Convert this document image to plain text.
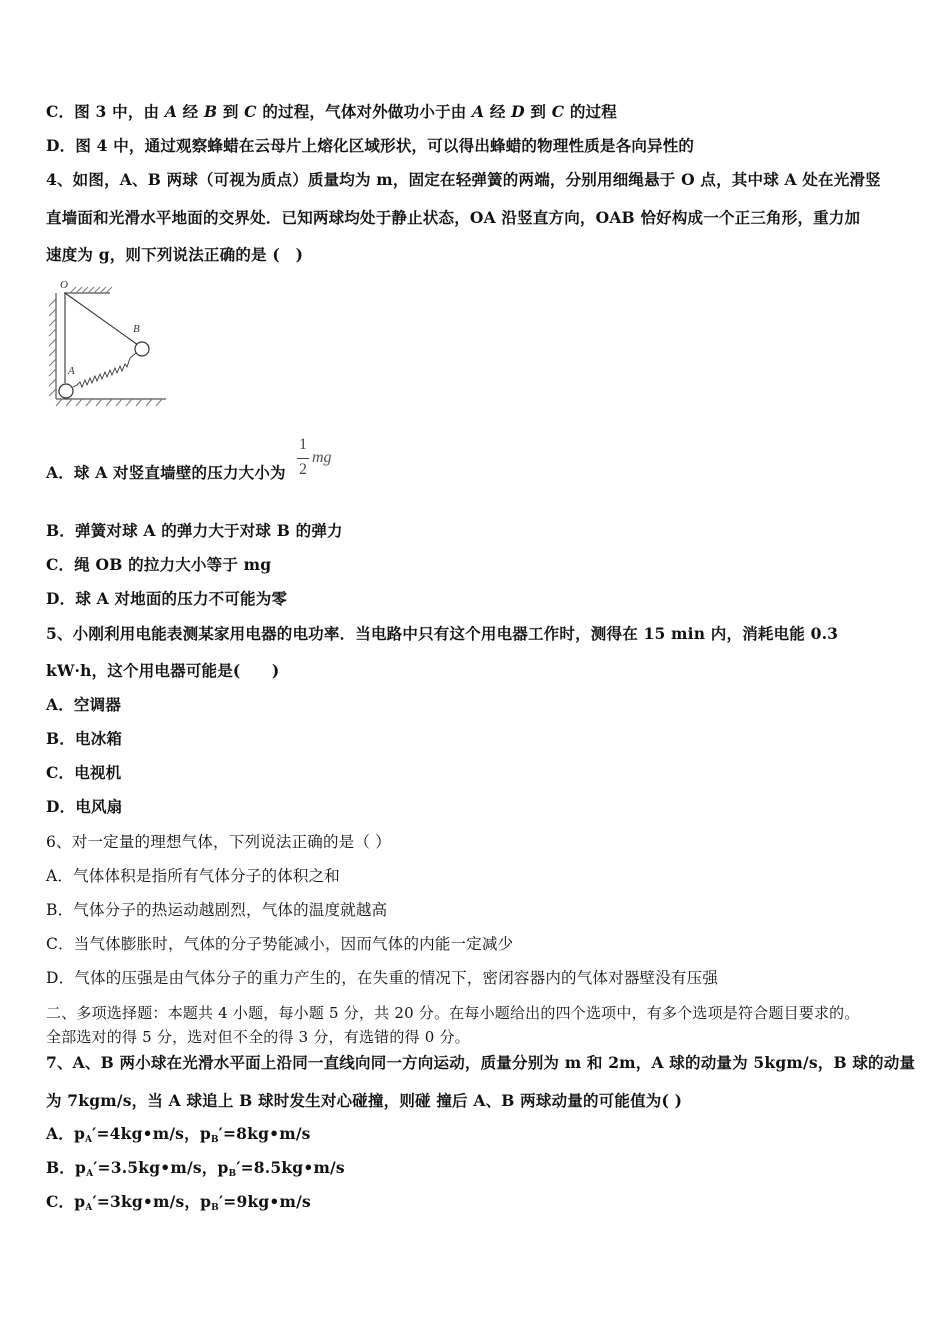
C．图 3 中，由 A 经 B 到 C 的过程，气体对外做功小于由 A 经 D 到 C 的过程
D．图 4 中，通过观察蜂蜡在云母片上熔化区域形状，可以得出蜂蜡的物理性质是各向异性的
4、如图，A、B 两球（可视为质点）质量均为 m，固定在轻弹簧的两端，分别用细绳悬于 O 点，其中球 A 处在光滑竖
直墙面和光滑水平地面的交界处．已知两球均处于静止状态，OA 沿竖直方向，OAB 恰好构成一个正三角形，重力加
速度为 g，则下列说法正确的是 (　)
O
A
B
A．球 A 对竖直墙壁的压力大小为
1
2
mg
B．弹簧对球 A 的弹力大于对球 B 的弹力
C．绳 OB 的拉力大小等于 mg
D．球 A 对地面的压力不可能为零
5、小刚利用电能表测某家用电器的电功率．当电路中只有这个用电器工作时，测得在 15 min 内，消耗电能 0.3
kW·h，这个用电器可能是(　　)
A．空调器
B．电冰箱
C．电视机
D．电风扇
6、对一定量的理想气体，下列说法正确的是（ ）
A．气体体积是指所有气体分子的体积之和
B．气体分子的热运动越剧烈，气体的温度就越高
C．当气体膨胀时，气体的分子势能减小，因而气体的内能一定减少
D．气体的压强是由气体分子的重力产生的，在失重的情况下，密闭容器内的气体对器壁没有压强
二、多项选择题：本题共 4 小题，每小题 5 分，共 20 分。在每小题给出的四个选项中，有多个选项是符合题目要求的。
全部选对的得 5 分，选对但不全的得 3 分，有选错的得 0 分。
7、A、B 两小球在光滑水平面上沿同一直线向同一方向运动，质量分别为 m 和 2m，A 球的动量为 5kgm/s，B 球的动量
为 7kgm/s，当 A 球追上 B 球时发生对心碰撞，则碰 撞后 A、B 两球动量的可能值为( )
A．$p_A'=4kg•m/s$，$p_B'=8kg•m/s$
B．$p_A'=3.5kg•m/s$，$p_B'=8.5kg•m/s$
C．$p_A'=3kg•m/s$，$p_B'=9kg•m/s$
